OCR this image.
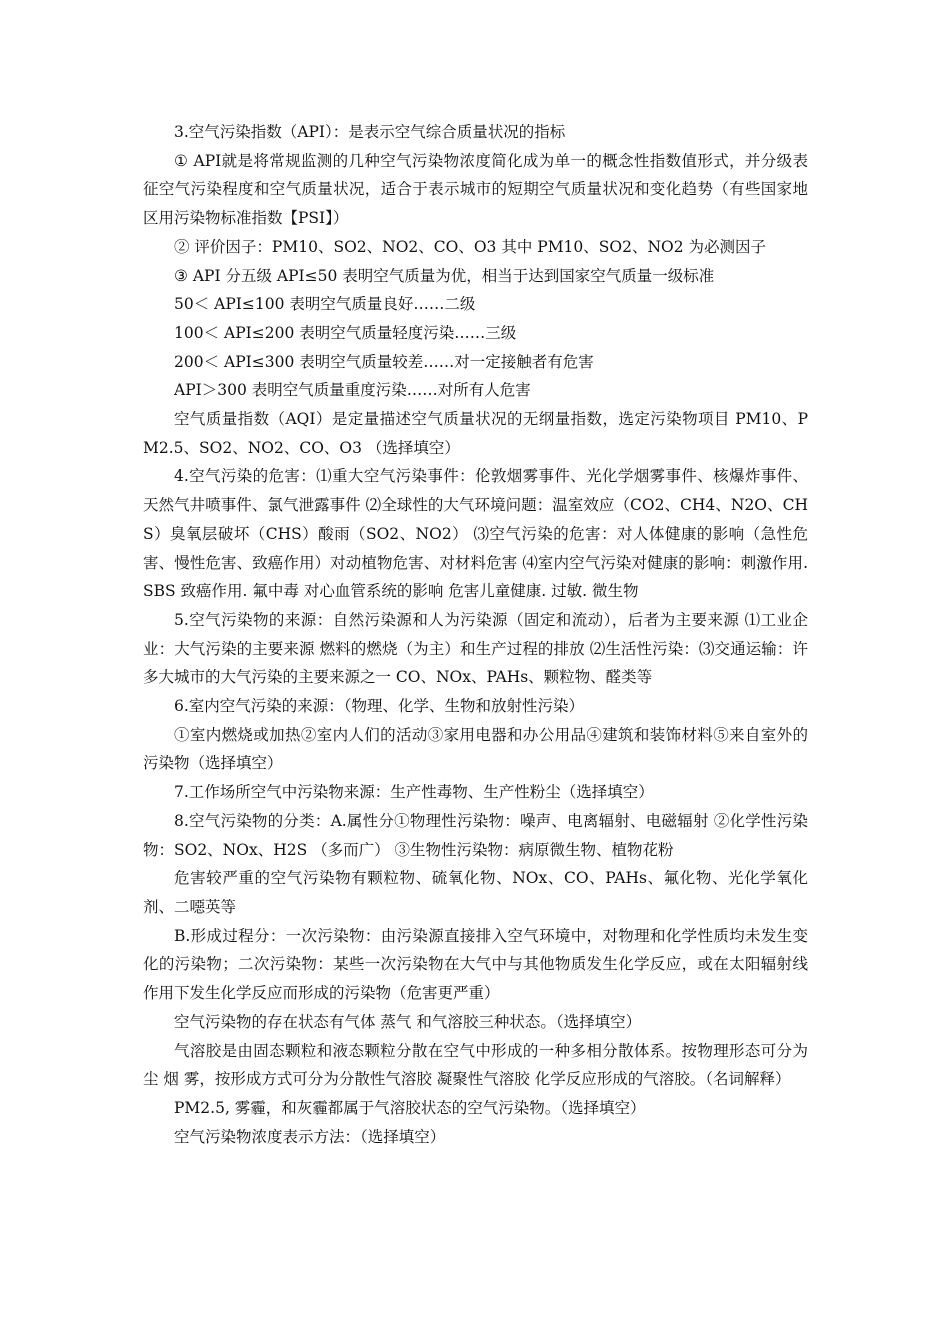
3.空气污染指数（API）：是表示空气综合质量状况的指标

① API就是将常规监测的几种空气污染物浓度简化成为单一的概念性指数值形式，并分级表征空气污染程度和空气质量状况，适合于表示城市的短期空气质量状况和变化趋势（有些国家地区用污染物标准指数【PSI】）

② 评价因子：PM10、SO2、NO2、CO、O3 其中 PM10、SO2、NO2 为必测因子

③ API 分五级 API≤50 表明空气质量为优，相当于达到国家空气质量一级标准

50＜ API≤100 表明空气质量良好……二级

100＜ API≤200 表明空气质量轻度污染……三级

200＜ API≤300 表明空气质量较差……对一定接触者有危害

API＞300 表明空气质量重度污染……对所有人危害

空气质量指数（AQI）是定量描述空气质量状况的无纲量指数，选定污染物项目 PM10、PM2.5、SO2、NO2、CO、O3 （选择填空）

4.空气污染的危害：⑴重大空气污染事件：伦敦烟雾事件、光化学烟雾事件、核爆炸事件、天然气井喷事件、氯气泄露事件 ⑵全球性的大气环境问题：温室效应（CO2、CH4、N2O、CHS）臭氧层破坏（CHS）酸雨（SO2、NO2） ⑶空气污染的危害：对人体健康的影响（急性危害、慢性危害、致癌作用）对动植物危害、对材料危害 ⑷室内空气污染对健康的影响：刺激作用. SBS 致癌作用. 氟中毒 对心血管系统的影响 危害儿童健康. 过敏. 微生物

5.空气污染物的来源：自然污染源和人为污染源（固定和流动），后者为主要来源 ⑴工业企业：大气污染的主要来源 燃料的燃烧（为主）和生产过程的排放 ⑵生活性污染：⑶交通运输：许多大城市的大气污染的主要来源之一 CO、NOx、PAHs、颗粒物、醛类等

6.室内空气污染的来源：（物理、化学、生物和放射性污染）

①室内燃烧或加热②室内人们的活动③家用电器和办公用品④建筑和装饰材料⑤来自室外的污染物（选择填空）

7.工作场所空气中污染物来源：生产性毒物、生产性粉尘（选择填空）

8.空气污染物的分类：A.属性分①物理性污染物：噪声、电离辐射、电磁辐射 ②化学性污染物：SO2、NOx、H2S （多而广） ③生物性污染物：病原微生物、植物花粉

危害较严重的空气污染物有颗粒物、硫氧化物、NOx、CO、PAHs、氟化物、光化学氧化剂、二噁英等

B.形成过程分：一次污染物：由污染源直接排入空气环境中，对物理和化学性质均未发生变化的污染物；二次污染物：某些一次污染物在大气中与其他物质发生化学反应，或在太阳辐射线作用下发生化学反应而形成的污染物（危害更严重）

空气污染物的存在状态有气体 蒸气 和气溶胶三种状态。（选择填空）

气溶胶是由固态颗粒和液态颗粒分散在空气中形成的一种多相分散体系。按物理形态可分为尘 烟 雾，按形成方式可分为分散性气溶胶 凝聚性气溶胶 化学反应形成的气溶胶。（名词解释）

PM2.5, 雾霾，和灰霾都属于气溶胶状态的空气污染物。（选择填空）

空气污染物浓度表示方法：（选择填空）
